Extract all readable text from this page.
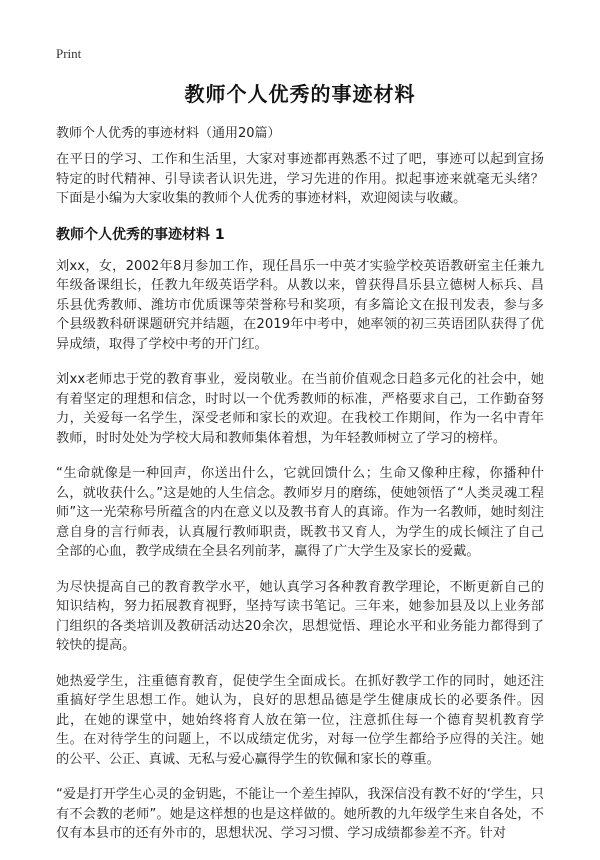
Print
教师个人优秀的事迹材料

教师个人优秀的事迹材料（通用20篇）

在平日的学习、工作和生活里，大家对事迹都再熟悉不过了吧，事迹可以起到宣扬特定的时代精神、引导读者认识先进，学习先进的作用。拟起事迹来就毫无头绪？下面是小编为大家收集的教师个人优秀的事迹材料，欢迎阅读与收藏。

教师个人优秀的事迹材料 1

刘xx，女，2002年8月参加工作，现任昌乐一中英才实验学校英语教研室主任兼九年级备课组长，任教九年级英语学科。从教以来，曾获得昌乐县立德树人标兵、昌乐县优秀教师、潍坊市优质课等荣誉称号和奖项，有多篇论文在报刊发表，参与多个县级教科研课题研究并结题，在2019年中考中，她率领的初三英语团队获得了优异成绩，取得了学校中考的开门红。

刘xx老师忠于党的教育事业，爱岗敬业。在当前价值观念日趋多元化的社会中，她有着坚定的理想和信念，时时以一个优秀教师的标准，严格要求自己，工作勤奋努力，关爱每一名学生，深受老师和家长的欢迎。在我校工作期间，作为一名中青年教师，时时处处为学校大局和教师集体着想，为年轻教师树立了学习的榜样。

“生命就像是一种回声，你送出什么，它就回馈什么；生命又像种庄稼，你播种什么，就收获什么。”这是她的人生信念。教师岁月的磨练，使她领悟了“人类灵魂工程师”这一光荣称号所蕴含的内在意义以及教书育人的真谛。作为一名教师，她时刻注意自身的言行师表，认真履行教师职责，既教书又育人，为学生的成长倾注了自己全部的心血，教学成绩在全县名列前茅，赢得了广大学生及家长的爱戴。

为尽快提高自己的教育教学水平，她认真学习各种教育教学理论，不断更新自己的知识结构，努力拓展教育视野，坚持写读书笔记。三年来，她参加县及以上业务部门组织的各类培训及教研活动达20余次，思想觉悟、理论水平和业务能力都得到了较快的提高。

她热爱学生，注重德育教育，促使学生全面成长。在抓好教学工作的同时，她还注重搞好学生思想工作。她认为，良好的思想品德是学生健康成长的必要条件。因此，在她的课堂中，她始终将育人放在第一位，注意抓住每一个德育契机教育学生。在对待学生的问题上，不以成绩定优劣，对每一位学生都给予应得的关注。她的公平、公正、真诚、无私与爱心赢得学生的钦佩和家长的尊重。

“爱是打开学生心灵的金钥匙，不能让一个差生掉队，我深信没有教不好的‘学生，只有不会教的老师”。她是这样想的也是这样做的。她所教的九年级学生来自各处，不仅有本县市的还有外市的，思想状况、学习习惯、学习成绩都参差不齐。针对
